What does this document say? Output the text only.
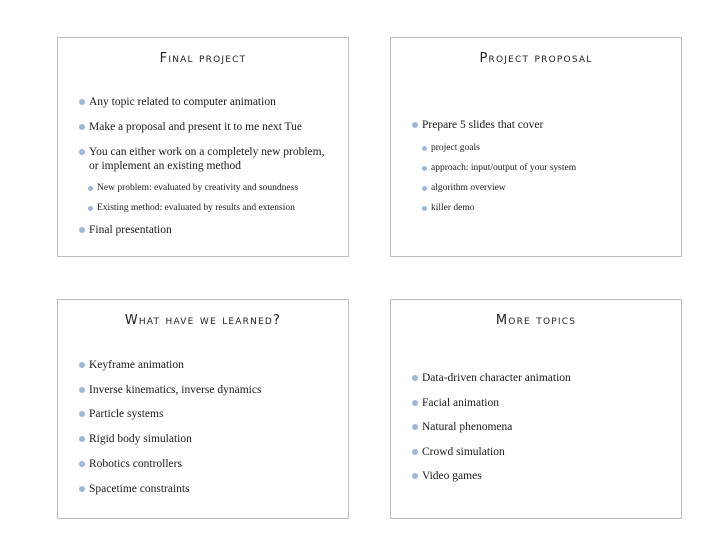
Final project
Any topic related to computer animation
Make a proposal and present it to me next Tue
You can either work on a completely new problem,
or implement an existing method
New problem: evaluated by creativity and soundness
Existing method: evaluated by results and extension
Final presentation
Project proposal
Prepare 5 slides that cover
project goals
approach: input/output of your system
algorithm overview
killer demo
What have we learned?
Keyframe animation
Inverse kinematics, inverse dynamics
Particle systems
Rigid body simulation
Robotics controllers
Spacetime constraints
More topics
Data-driven character animation
Facial animation
Natural phenomena
Crowd simulation
Video games
